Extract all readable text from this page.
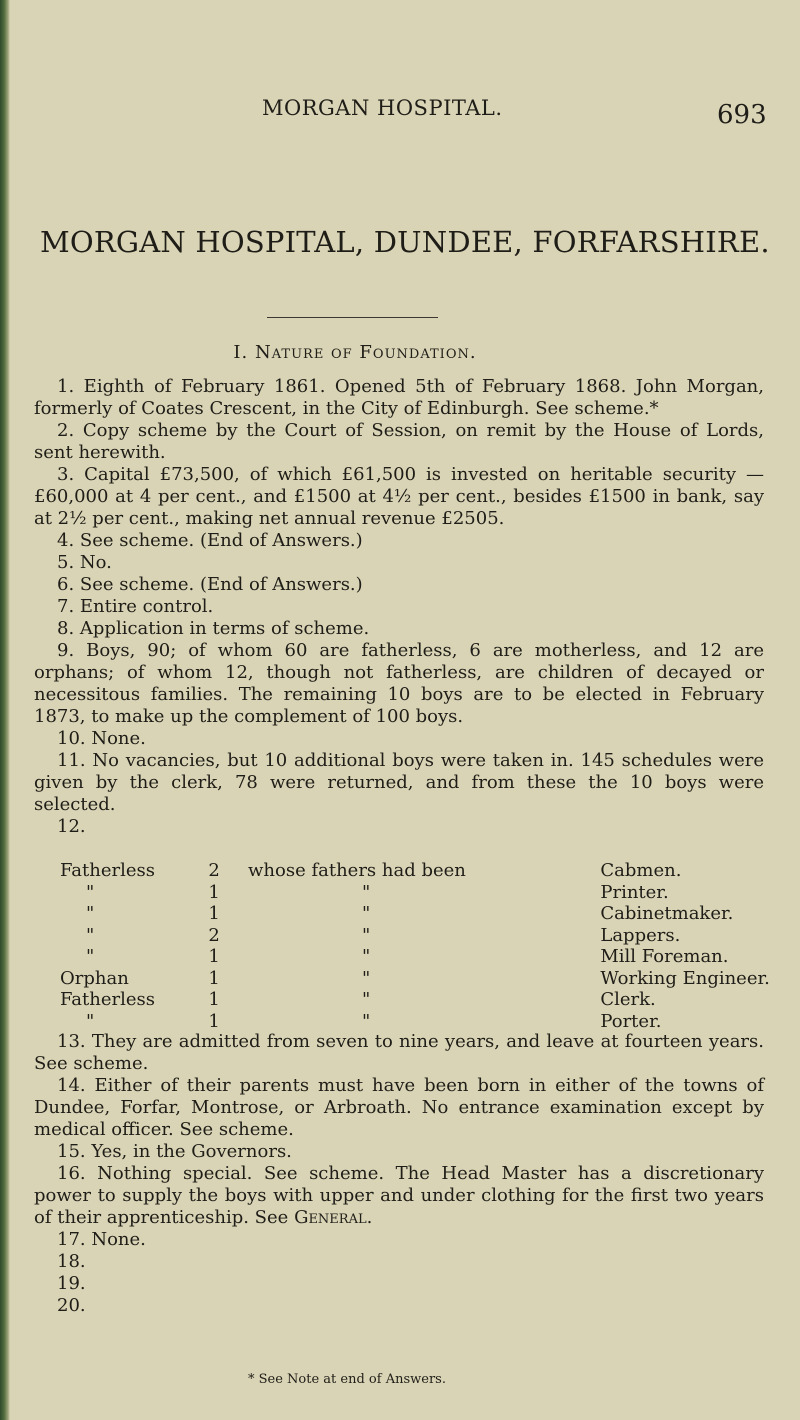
MORGAN HOSPITAL.	693
MORGAN HOSPITAL, DUNDEE, FORFARSHIRE.
I. Nature of Foundation.

1. Eighth of February 1861. Opened 5th of February 1868. John Morgan, formerly of Coates Crescent, in the City of Edinburgh. See scheme.*

2. Copy scheme by the Court of Session, on remit by the House of Lords, sent herewith.

3. Capital £73,500, of which £61,500 is invested on heritable security —£60,000 at 4 per cent., and £1500 at 4½ per cent., besides £1500 in bank, say at 2½ per cent., making net annual revenue £2505.

4. See scheme. (End of Answers.)

5. No.

6. See scheme. (End of Answers.)

7. Entire control.

8. Application in terms of scheme.

9. Boys, 90; of whom 60 are fatherless, 6 are motherless, and 12 are orphans; of whom 12, though not fatherless, are children of decayed or necessitous families. The remaining 10 boys are to be elected in February 1873, to make up the complement of 100 boys.

10. None.

11. No vacancies, but 10 additional boys were taken in. 145 schedules were given by the clerk, 78 were returned, and from these the 10 boys were selected.

12.

Fatherless	2	whose fathers had been	Cabmen.
"	1	"	Printer.
"	1	"	Cabinetmaker.
"	2	"	Lappers.
"	1	"	Mill Foreman.
Orphan	1	"	Working Engineer.
Fatherless	1	"	Clerk.
"	1	"	Porter.

13. They are admitted from seven to nine years, and leave at fourteen years. See scheme.

14. Either of their parents must have been born in either of the towns of Dundee, Forfar, Montrose, or Arbroath. No entrance examination except by medical officer. See scheme.

15. Yes, in the Governors.

16. Nothing special. See scheme. The Head Master has a discretionary power to supply the boys with upper and under clothing for the first two years of their apprenticeship. See General.

17. None.

18.

19.

20.

* See Note at end of Answers.
